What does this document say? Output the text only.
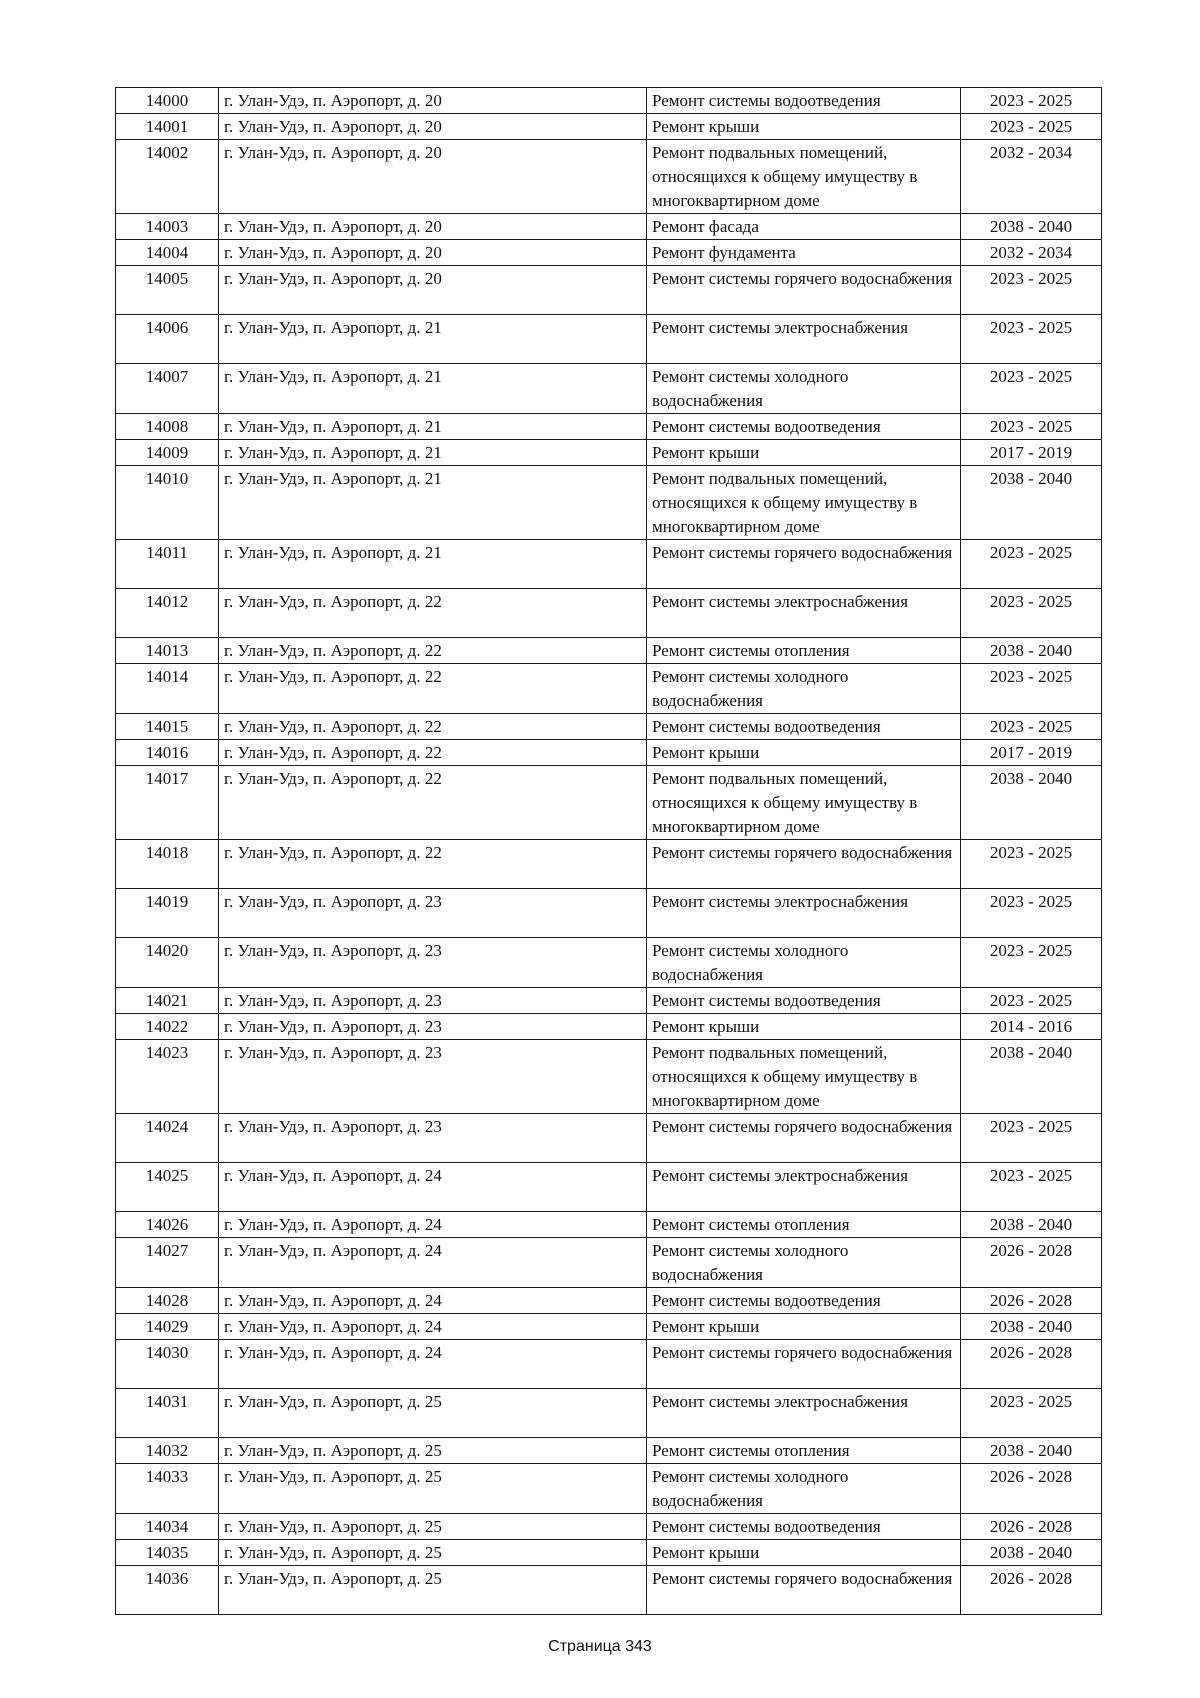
14000	г. Улан-Удэ, п. Аэропорт, д. 20	Ремонт системы водоотведения	2023 - 2025
14001	г. Улан-Удэ, п. Аэропорт, д. 20	Ремонт крыши	2023 - 2025
14002	г. Улан-Удэ, п. Аэропорт, д. 20	Ремонт подвальных помещений, относящихся к общему имуществу в многоквартирном доме	2032 - 2034
14003	г. Улан-Удэ, п. Аэропорт, д. 20	Ремонт фасада	2038 - 2040
14004	г. Улан-Удэ, п. Аэропорт, д. 20	Ремонт фундамента	2032 - 2034
14005	г. Улан-Удэ, п. Аэропорт, д. 20	Ремонт системы горячего водоснабжения	2023 - 2025
14006	г. Улан-Удэ, п. Аэропорт, д. 21	Ремонт системы электроснабжения	2023 - 2025
14007	г. Улан-Удэ, п. Аэропорт, д. 21	Ремонт системы холодного водоснабжения	2023 - 2025
14008	г. Улан-Удэ, п. Аэропорт, д. 21	Ремонт системы водоотведения	2023 - 2025
14009	г. Улан-Удэ, п. Аэропорт, д. 21	Ремонт крыши	2017 - 2019
14010	г. Улан-Удэ, п. Аэропорт, д. 21	Ремонт подвальных помещений, относящихся к общему имуществу в многоквартирном доме	2038 - 2040
14011	г. Улан-Удэ, п. Аэропорт, д. 21	Ремонт системы горячего водоснабжения	2023 - 2025
14012	г. Улан-Удэ, п. Аэропорт, д. 22	Ремонт системы электроснабжения	2023 - 2025
14013	г. Улан-Удэ, п. Аэропорт, д. 22	Ремонт системы отопления	2038 - 2040
14014	г. Улан-Удэ, п. Аэропорт, д. 22	Ремонт системы холодного водоснабжения	2023 - 2025
14015	г. Улан-Удэ, п. Аэропорт, д. 22	Ремонт системы водоотведения	2023 - 2025
14016	г. Улан-Удэ, п. Аэропорт, д. 22	Ремонт крыши	2017 - 2019
14017	г. Улан-Удэ, п. Аэропорт, д. 22	Ремонт подвальных помещений, относящихся к общему имуществу в многоквартирном доме	2038 - 2040
14018	г. Улан-Удэ, п. Аэропорт, д. 22	Ремонт системы горячего водоснабжения	2023 - 2025
14019	г. Улан-Удэ, п. Аэропорт, д. 23	Ремонт системы электроснабжения	2023 - 2025
14020	г. Улан-Удэ, п. Аэропорт, д. 23	Ремонт системы холодного водоснабжения	2023 - 2025
14021	г. Улан-Удэ, п. Аэропорт, д. 23	Ремонт системы водоотведения	2023 - 2025
14022	г. Улан-Удэ, п. Аэропорт, д. 23	Ремонт крыши	2014 - 2016
14023	г. Улан-Удэ, п. Аэропорт, д. 23	Ремонт подвальных помещений, относящихся к общему имуществу в многоквартирном доме	2038 - 2040
14024	г. Улан-Удэ, п. Аэропорт, д. 23	Ремонт системы горячего водоснабжения	2023 - 2025
14025	г. Улан-Удэ, п. Аэропорт, д. 24	Ремонт системы электроснабжения	2023 - 2025
14026	г. Улан-Удэ, п. Аэропорт, д. 24	Ремонт системы отопления	2038 - 2040
14027	г. Улан-Удэ, п. Аэропорт, д. 24	Ремонт системы холодного водоснабжения	2026 - 2028
14028	г. Улан-Удэ, п. Аэропорт, д. 24	Ремонт системы водоотведения	2026 - 2028
14029	г. Улан-Удэ, п. Аэропорт, д. 24	Ремонт крыши	2038 - 2040
14030	г. Улан-Удэ, п. Аэропорт, д. 24	Ремонт системы горячего водоснабжения	2026 - 2028
14031	г. Улан-Удэ, п. Аэропорт, д. 25	Ремонт системы электроснабжения	2023 - 2025
14032	г. Улан-Удэ, п. Аэропорт, д. 25	Ремонт системы отопления	2038 - 2040
14033	г. Улан-Удэ, п. Аэропорт, д. 25	Ремонт системы холодного водоснабжения	2026 - 2028
14034	г. Улан-Удэ, п. Аэропорт, д. 25	Ремонт системы водоотведения	2026 - 2028
14035	г. Улан-Удэ, п. Аэропорт, д. 25	Ремонт крыши	2038 - 2040
14036	г. Улан-Удэ, п. Аэропорт, д. 25	Ремонт системы горячего водоснабжения	2026 - 2028
Страница 343
